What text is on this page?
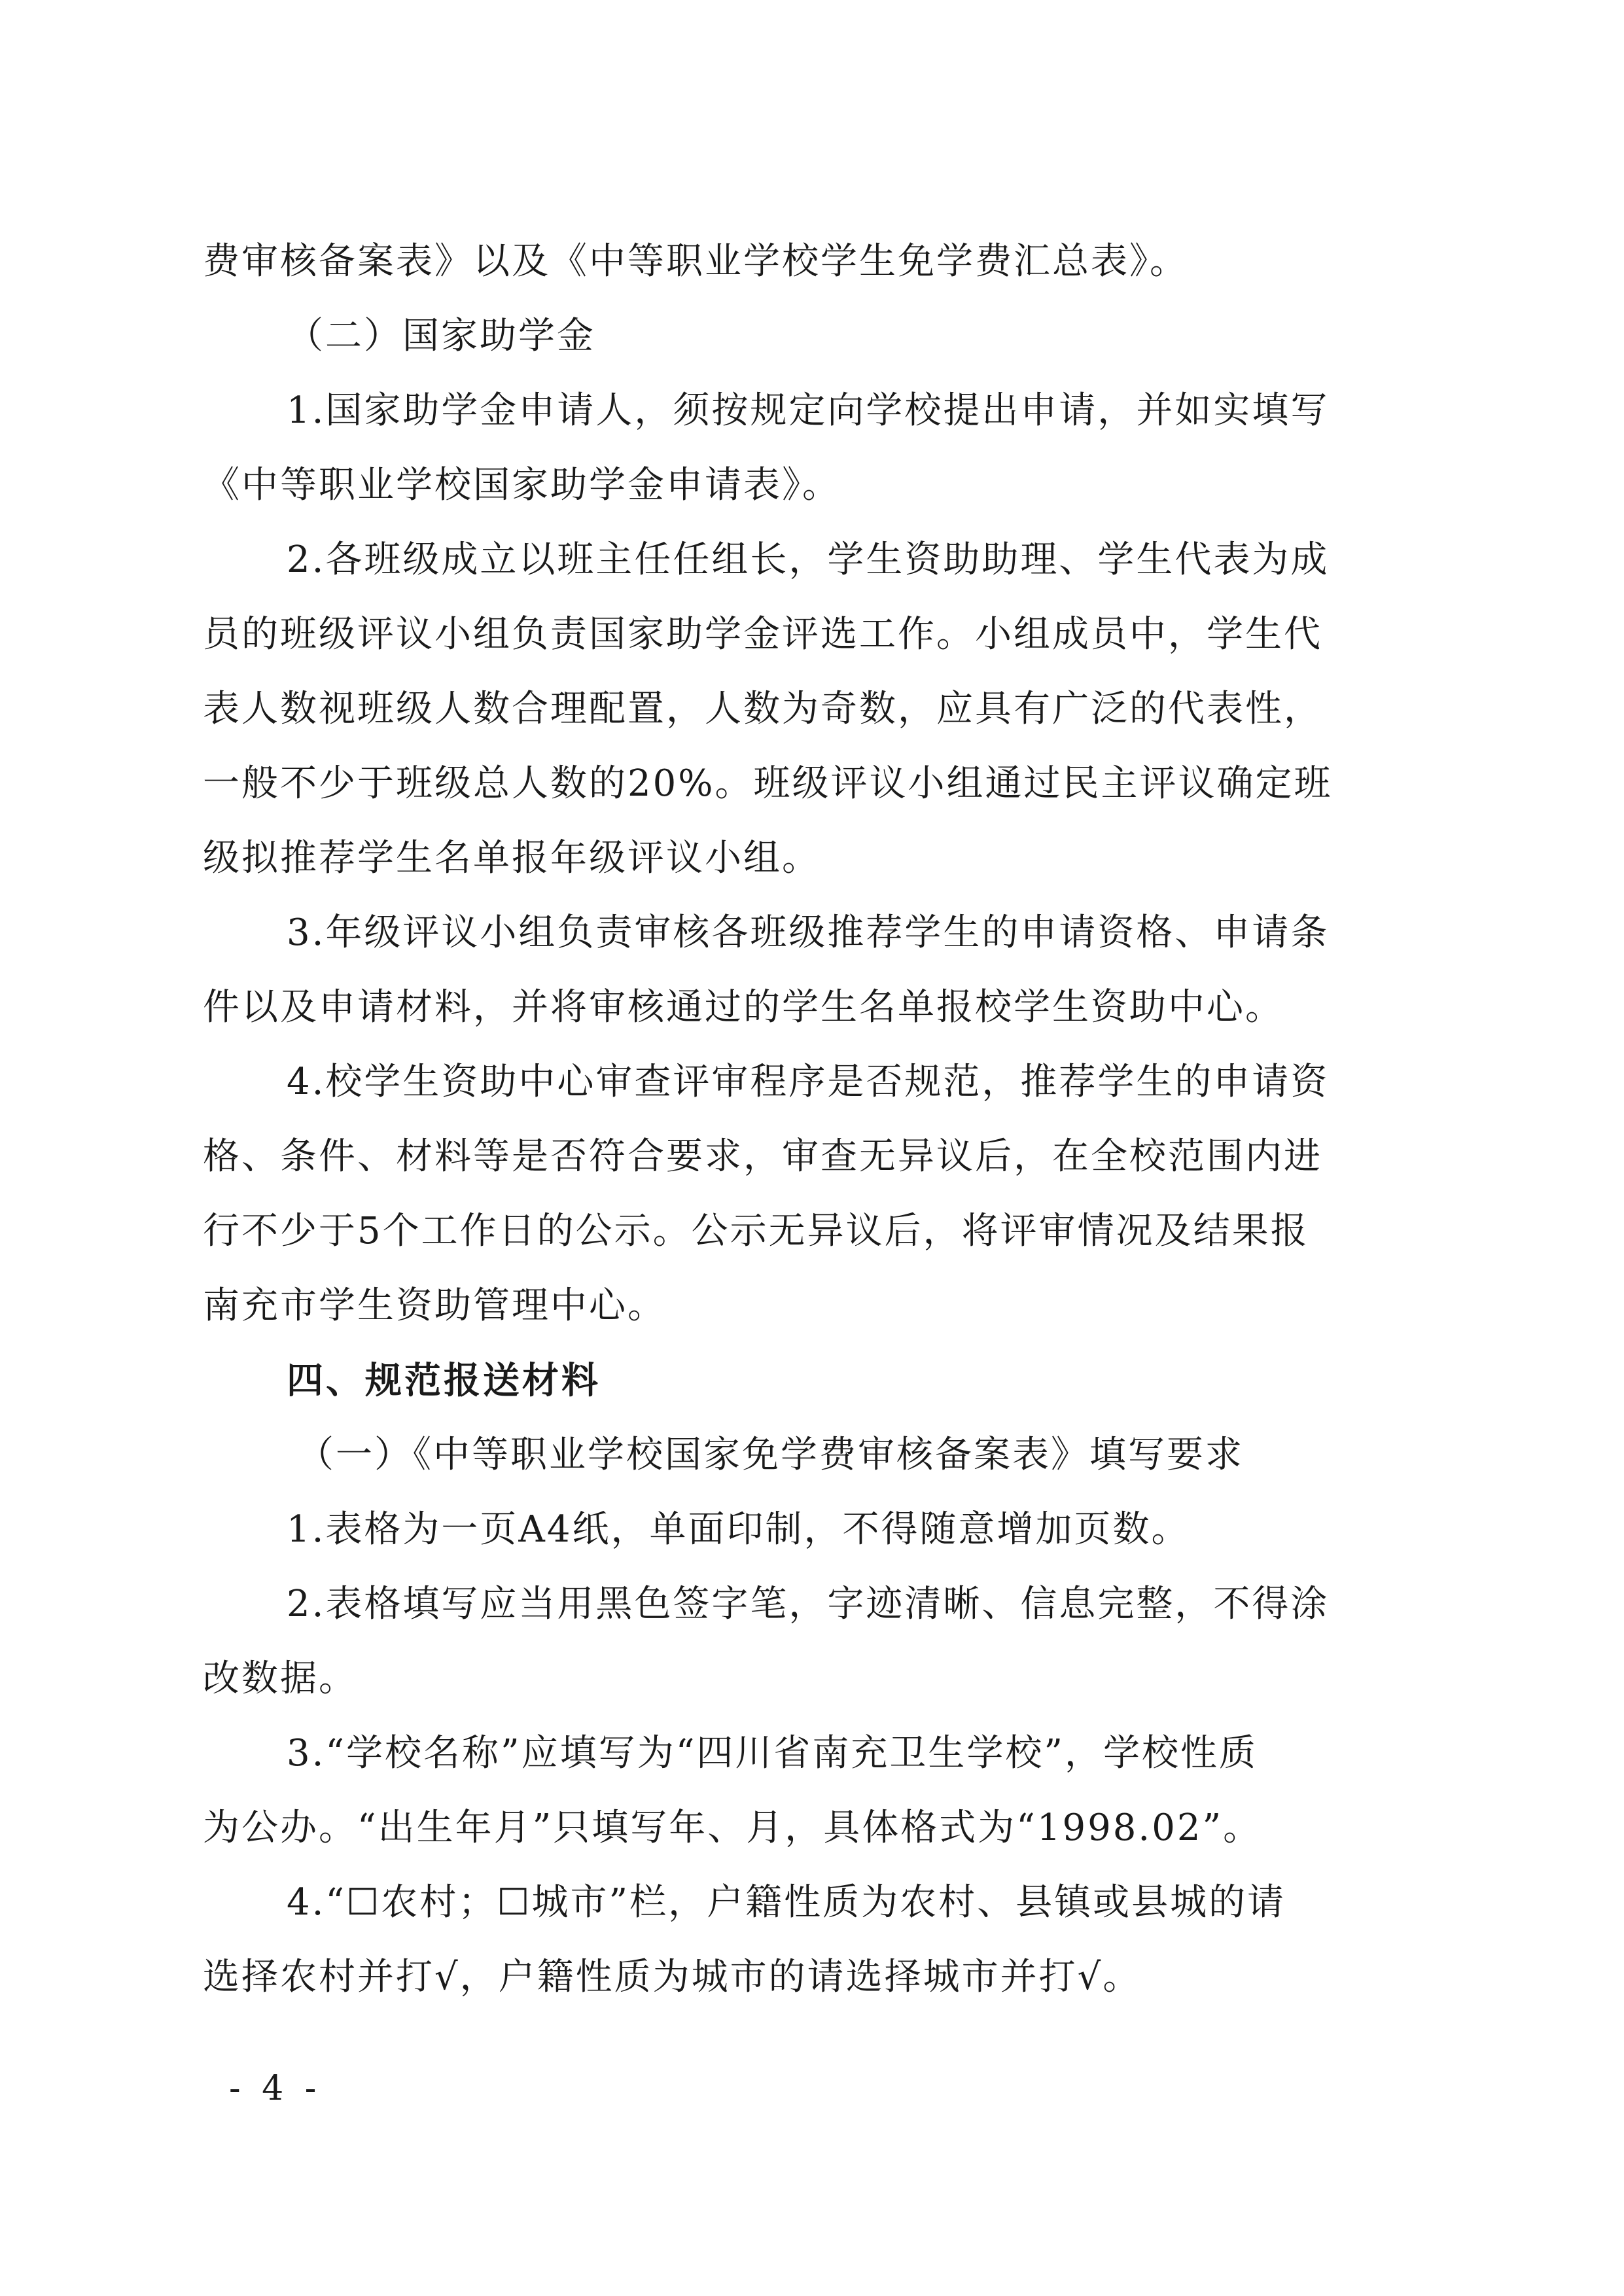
费审核备案表》以及《中等职业学校学生免学费汇总表》。
（二）国家助学金
1.国家助学金申请人，须按规定向学校提出申请，并如实填写
《中等职业学校国家助学金申请表》。
2.各班级成立以班主任任组长，学生资助助理、学生代表为成
员的班级评议小组负责国家助学金评选工作。小组成员中，学生代
表人数视班级人数合理配置，人数为奇数，应具有广泛的代表性，
一般不少于班级总人数的20%。班级评议小组通过民主评议确定班
级拟推荐学生名单报年级评议小组。
3.年级评议小组负责审核各班级推荐学生的申请资格、申请条
件以及申请材料，并将审核通过的学生名单报校学生资助中心。
4.校学生资助中心审查评审程序是否规范，推荐学生的申请资
格、条件、材料等是否符合要求，审查无异议后，在全校范围内进
行不少于5个工作日的公示。公示无异议后，将评审情况及结果报
南充市学生资助管理中心。
四、规范报送材料
（一）《中等职业学校国家免学费审核备案表》填写要求
1.表格为一页A4纸，单面印制，不得随意增加页数。
2.表格填写应当用黑色签字笔，字迹清晰、信息完整，不得涂
改数据。
3.“学校名称”应填写为“四川省南充卫生学校”，学校性质
为公办。“出生年月”只填写年、月，具体格式为“1998.02”。
4.“☐农村；☐城市”栏，户籍性质为农村、县镇或县城的请
选择农村并打√，户籍性质为城市的请选择城市并打√。
- 4 -
